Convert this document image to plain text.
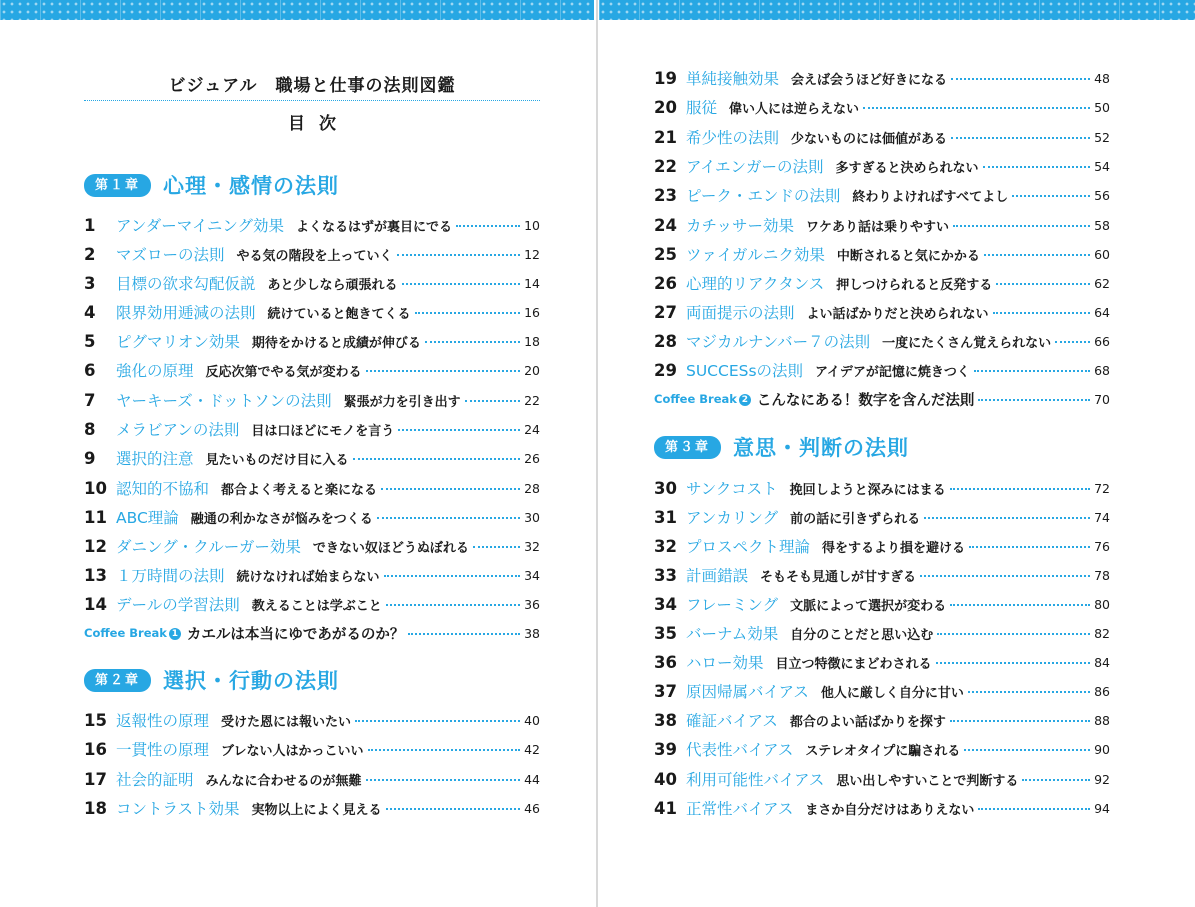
ビジュアル　職場と仕事の法則図鑑
目次
第１章	心理・感情の法則
1	アンダーマイニング効果 よくなるはずが裏目にでる	10
2	マズローの法則 やる気の階段を上っていく	12
3	目標の欲求勾配仮説 あと少しなら頑張れる	14
4	限界効用逓減の法則 続けていると飽きてくる	16
5	ピグマリオン効果 期待をかけると成績が伸びる	18
6	強化の原理 反応次第でやる気が変わる	20
7	ヤーキーズ・ドットソンの法則 緊張が力を引き出す	22
8	メラビアンの法則 目は口ほどにモノを言う	24
9	選択的注意 見たいものだけ目に入る	26
10 認知的不協和 都合よく考えると楽になる	28
11 ABC理論 融通の利かなさが悩みをつくる	30
12 ダニング・クルーガー効果 できない奴ほどうぬぼれる	32
13 １万時間の法則 続けなければ始まらない	34
14 デールの学習法則 教えることは学ぶこと	36
Coffee Break 1 カエルは本当にゆであがるのか？	38
第２章	選択・行動の法則
15 返報性の原理 受けた恩には報いたい	40
16 一貫性の原理 ブレない人はかっこいい	42
17 社会的証明 みんなに合わせるのが無難	44
18 コントラスト効果 実物以上によく見える	46
19 単純接触効果 会えば会うほど好きになる	48
20 服従 偉い人には逆らえない	50
21 希少性の法則 少ないものには価値がある	52
22 アイエンガーの法則 多すぎると決められない	54
23 ピーク・エンドの法則 終わりよければすべてよし	56
24 カチッサー効果 ワケあり話は乗りやすい	58
25 ツァイガルニク効果 中断されると気にかかる	60
26 心理的リアクタンス 押しつけられると反発する	62
27 両面提示の法則 よい話ばかりだと決められない	64
28 マジカルナンバー７の法則 一度にたくさん覚えられない	66
29 SUCCESsの法則 アイデアが記憶に焼きつく	68
Coffee Break 2 こんなにある！数字を含んだ法則	70
第３章	意思・判断の法則
30 サンクコスト 挽回しようと深みにはまる	72
31 アンカリング 前の話に引きずられる	74
32 プロスペクト理論 得をするより損を避ける	76
33 計画錯誤 そもそも見通しが甘すぎる	78
34 フレーミング 文脈によって選択が変わる	80
35 バーナム効果 自分のことだと思い込む	82
36 ハロー効果 目立つ特徴にまどわされる	84
37 原因帰属バイアス 他人に厳しく自分に甘い	86
38 確証バイアス 都合のよい話ばかりを探す	88
39 代表性バイアス ステレオタイプに騙される	90
40 利用可能性バイアス 思い出しやすいことで判断する	92
41 正常性バイアス まさか自分だけはありえない	94
